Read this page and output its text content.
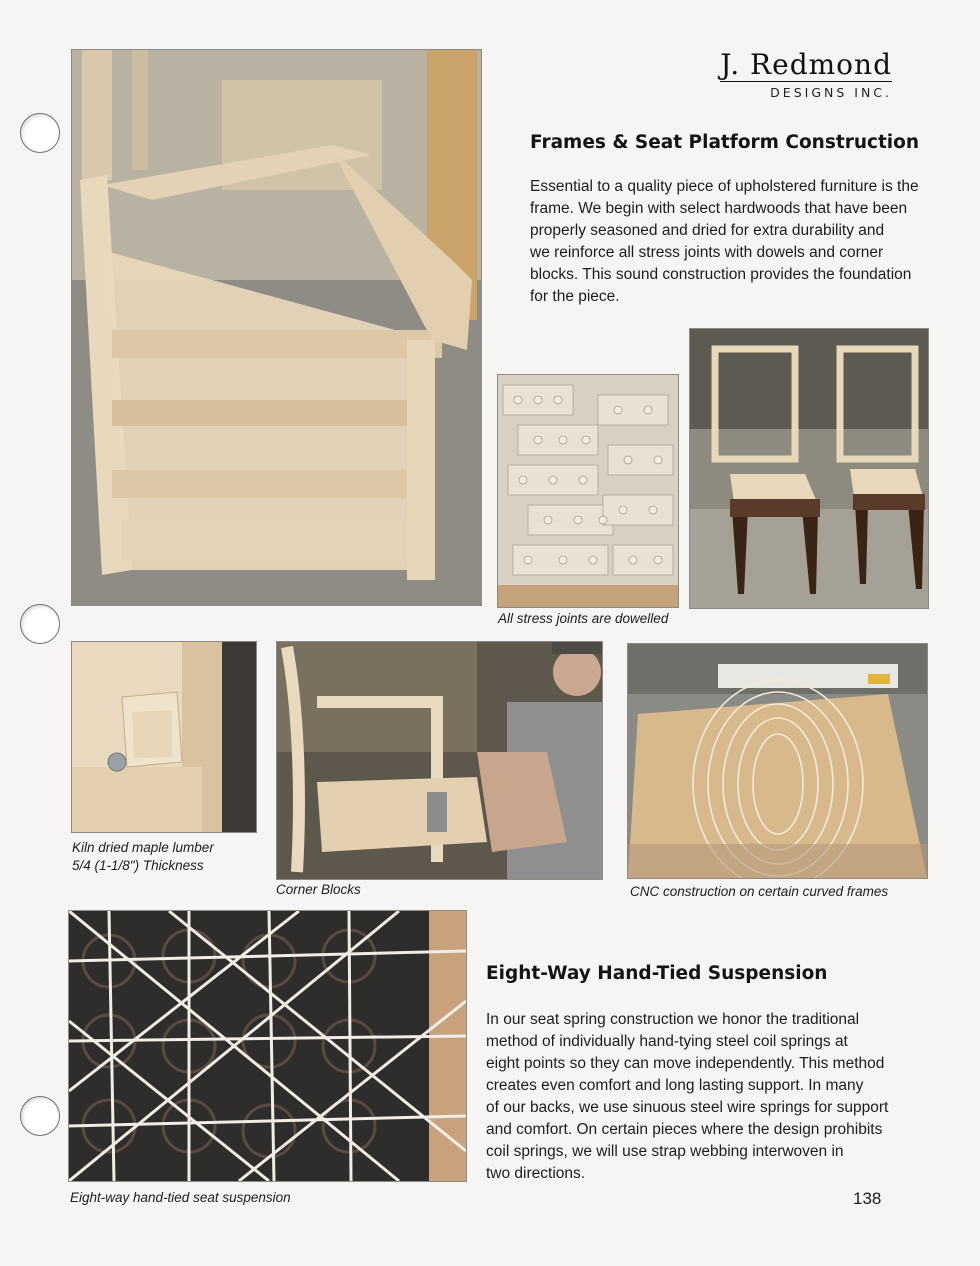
J. Redmond
DESIGNS INC.
Frames & Seat Platform Construction
Essential to a quality piece of upholstered furniture is the
frame. We begin with select hardwoods that have been
properly seasoned and dried for extra durability and
we reinforce all stress joints with dowels and corner
blocks. This sound construction provides the foundation
for the piece.
All stress joints are dowelled
Kiln dried maple lumber
5/4 (1-1/8") Thickness
Corner Blocks	CNC construction on certain curved frames
Eight-way hand-tied seat suspension
Eight-Way Hand-Tied Suspension
In our seat spring construction we honor the traditional
method of individually hand-tying steel coil springs at
eight points so they can move independently. This method
creates even comfort and long lasting support. In many
of our backs, we use sinuous steel wire springs for support
and comfort. On certain pieces where the design prohibits
coil springs, we will use strap webbing interwoven in
two directions.
138
